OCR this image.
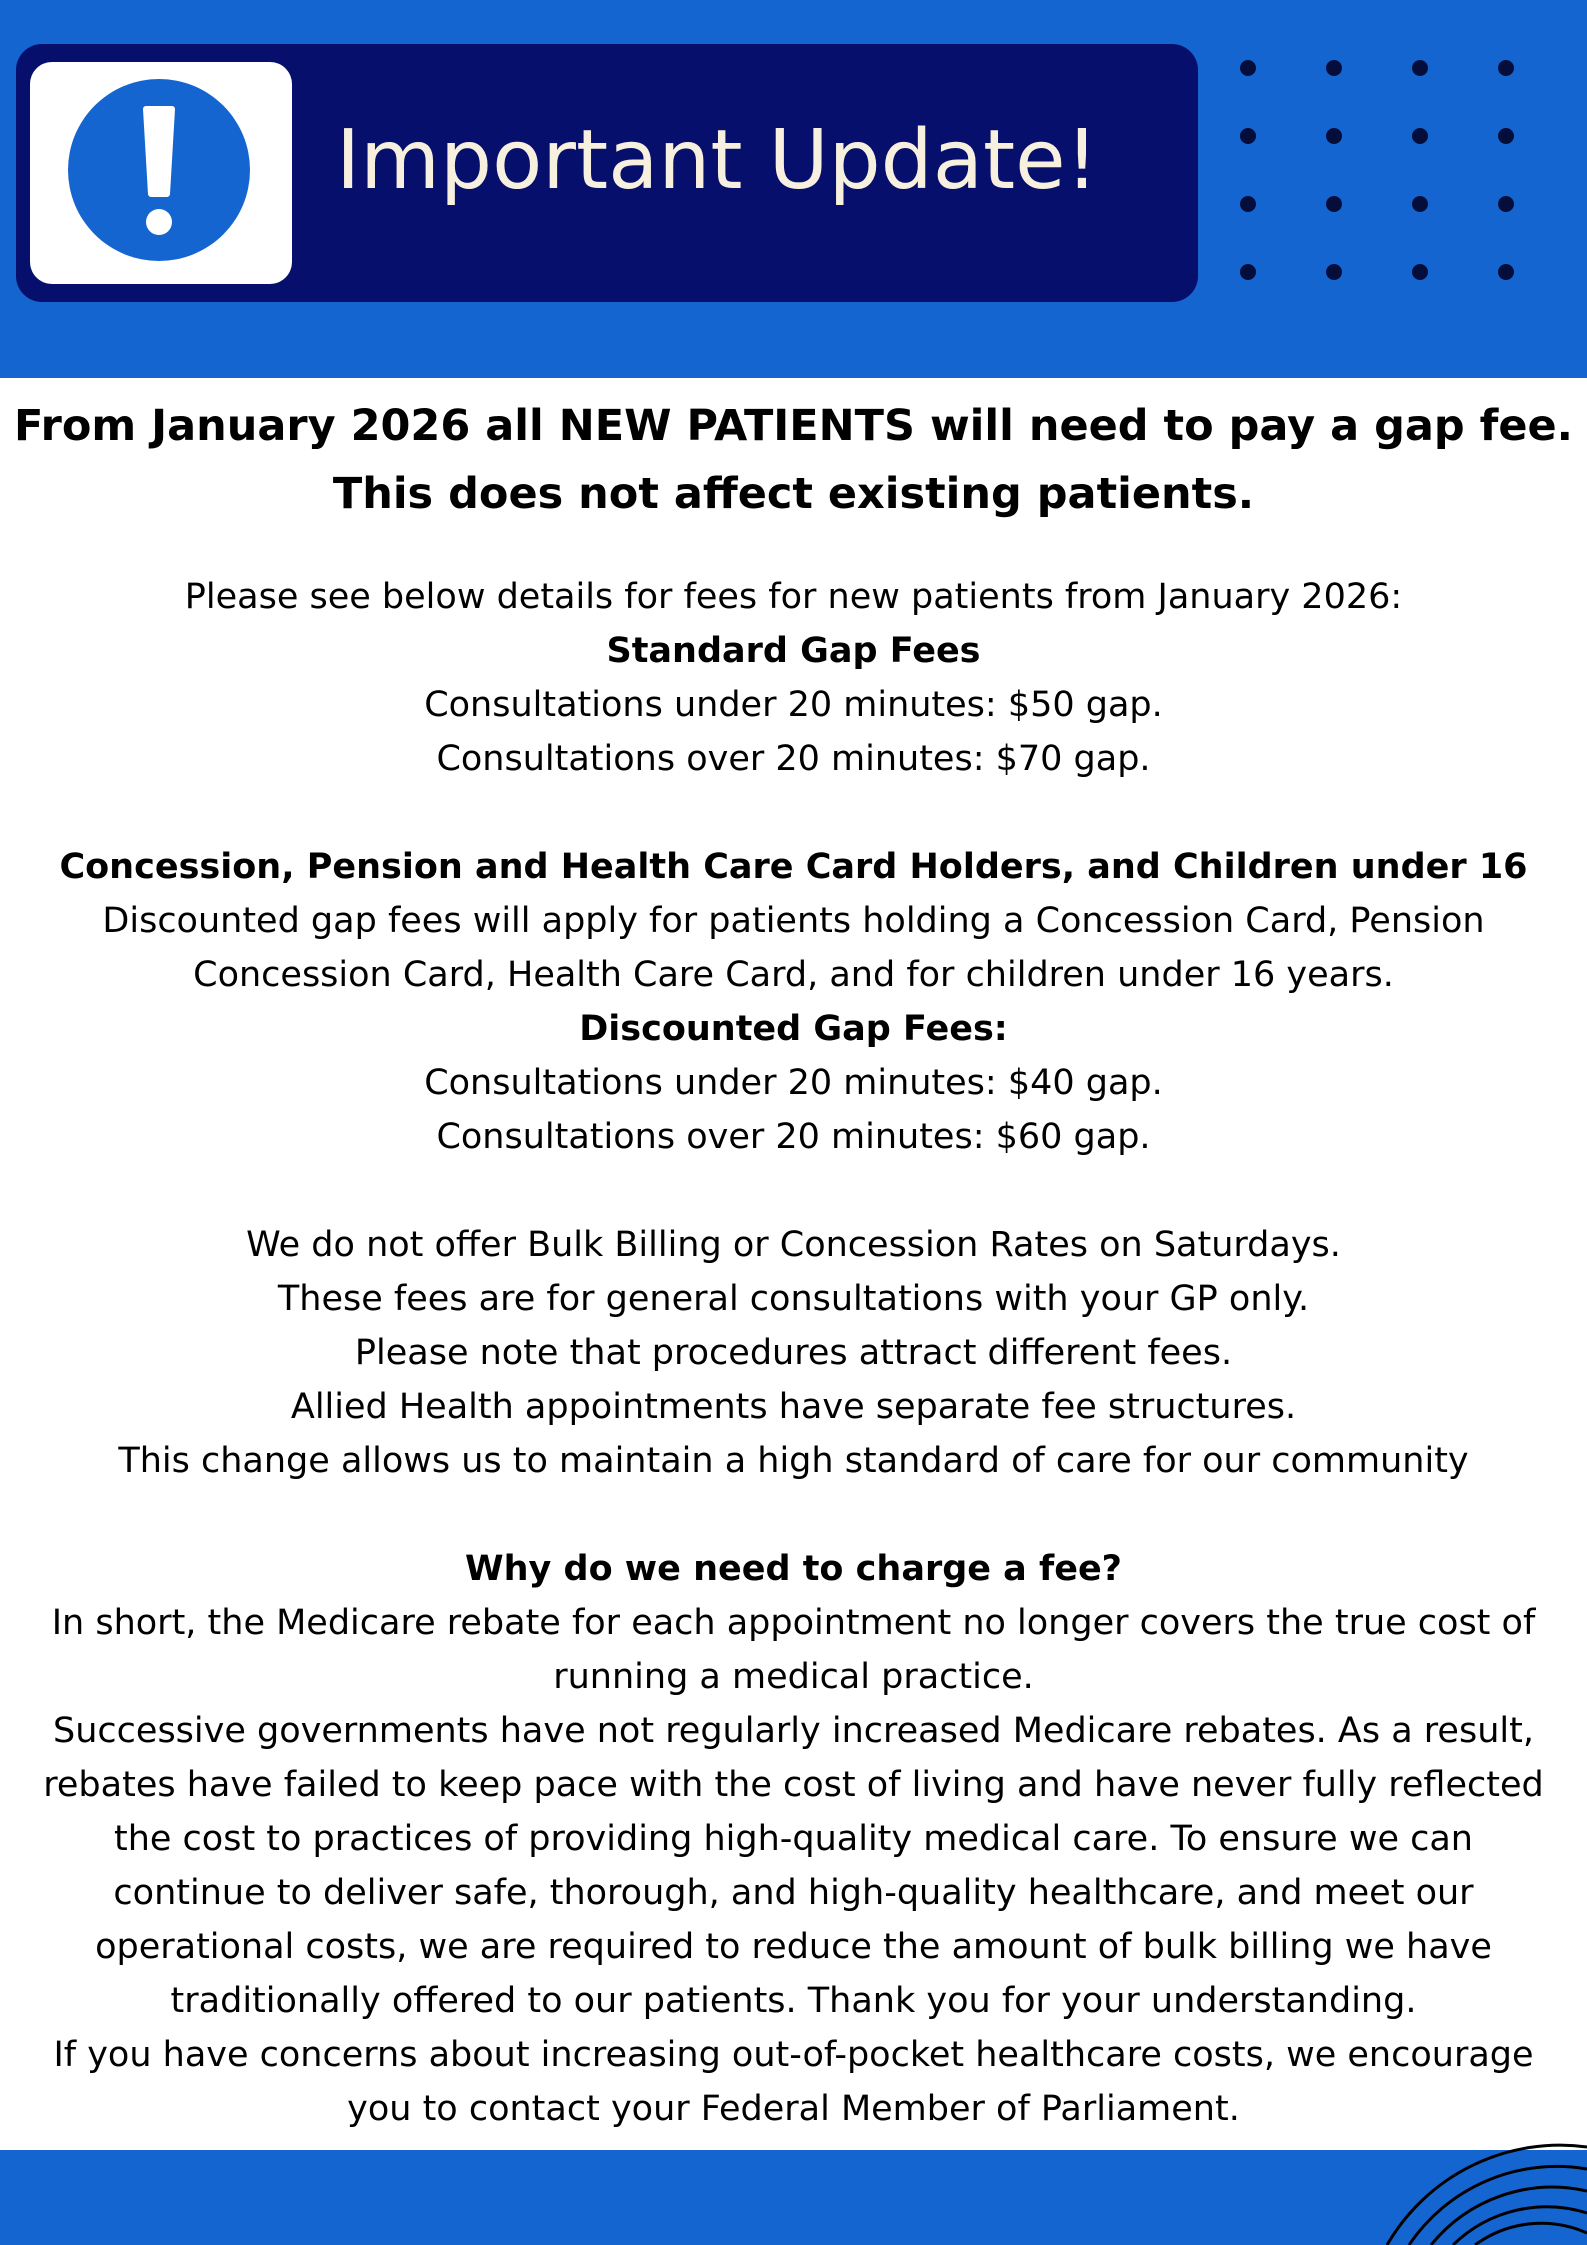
Important Update!

From January 2026 all NEW PATIENTS will need to pay a gap fee.
This does not affect existing patients.

Please see below details for fees for new patients from January 2026:
Standard Gap Fees
Consultations under 20 minutes: $50 gap.
Consultations over 20 minutes: $70 gap.
Concession, Pension and Health Care Card Holders, and Children under 16
Discounted gap fees will apply for patients holding a Concession Card, Pension
Concession Card, Health Care Card, and for children under 16 years.
Discounted Gap Fees:
Consultations under 20 minutes: $40 gap.
Consultations over 20 minutes: $60 gap.
We do not offer Bulk Billing or Concession Rates on Saturdays.
These fees are for general consultations with your GP only.
Please note that procedures attract different fees.
Allied Health appointments have separate fee structures.
This change allows us to maintain a high standard of care for our community
Why do we need to charge a fee?
In short, the Medicare rebate for each appointment no longer covers the true cost of
running a medical practice.
Successive governments have not regularly increased Medicare rebates. As a result,
rebates have failed to keep pace with the cost of living and have never fully reflected
the cost to practices of providing high-quality medical care. To ensure we can
continue to deliver safe, thorough, and high-quality healthcare, and meet our
operational costs, we are required to reduce the amount of bulk billing we have
traditionally offered to our patients. Thank you for your understanding.
If you have concerns about increasing out-of-pocket healthcare costs, we encourage
you to contact your Federal Member of Parliament.
